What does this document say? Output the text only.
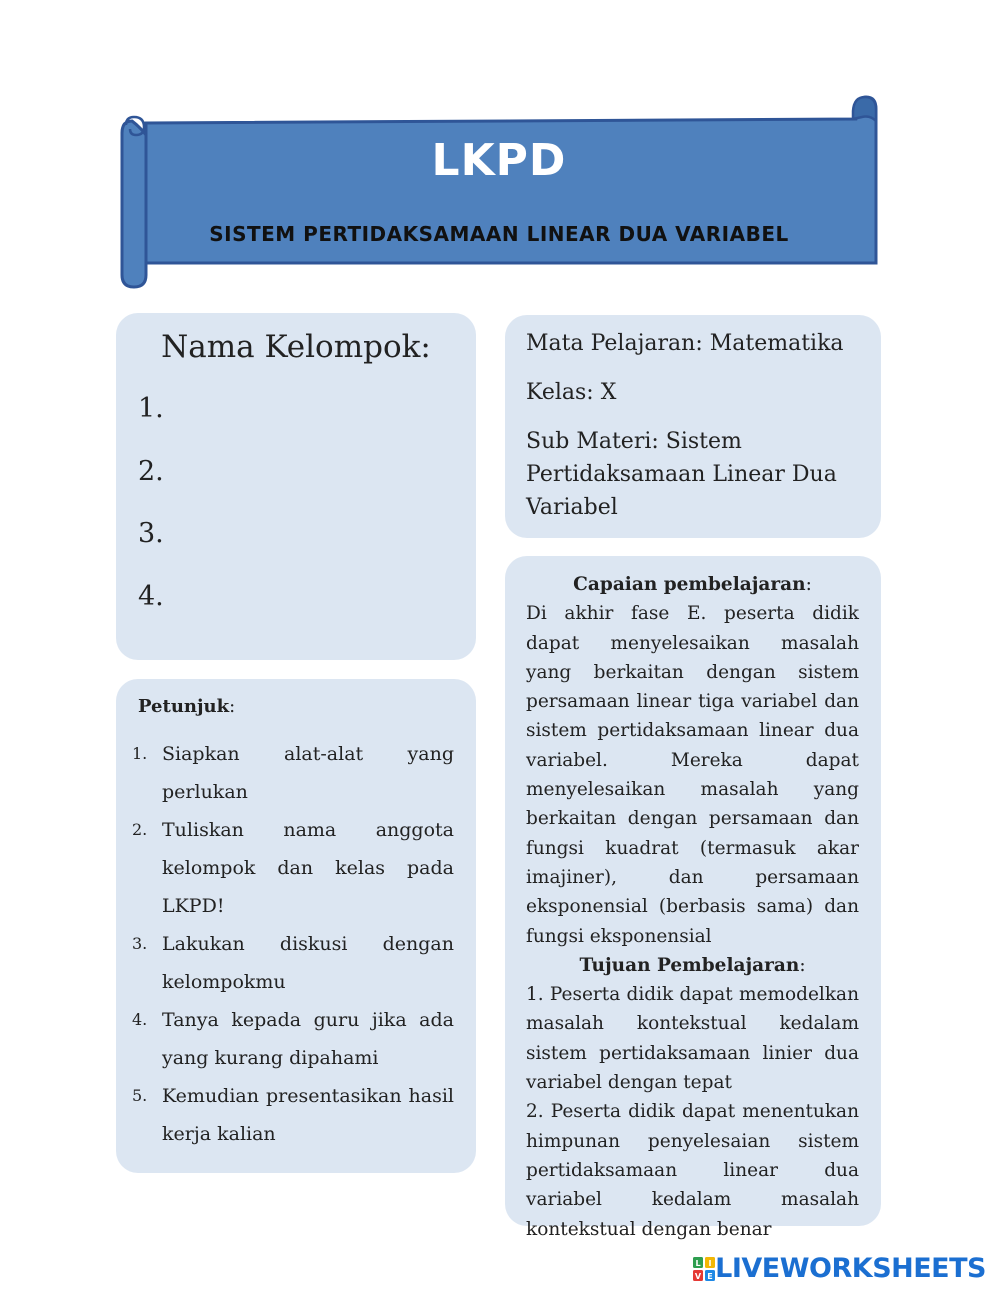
LKPD
SISTEM PERTIDAKSAMAAN LINEAR DUA VARIABEL
Nama Kelompok:
1.
2.
3.
4.

Mata Pelajaran: Matematika

Kelas: X

Sub Materi: Sistem Pertidaksamaan Linear Dua Variabel

Petunjuk:
1. Siapkan alat-alat yang perlukan
2. Tuliskan nama anggota kelompok dan kelas pada LKPD!
3. Lakukan diskusi dengan kelompokmu
4. Tanya kepada guru jika ada yang kurang dipahami
5. Kemudian presentasikan hasil kerja kalian
Capaian pembelajaran:
Di akhir fase E. peserta didik dapat menyelesaikan masalah yang berkaitan dengan sistem persamaan linear tiga variabel dan sistem pertidaksamaan linear dua variabel. Mereka dapat menyelesaikan masalah yang berkaitan dengan persamaan dan fungsi kuadrat (termasuk akar imajiner), dan persamaan eksponensial (berbasis sama) dan fungsi eksponensial
Tujuan Pembelajaran:
1. Peserta didik dapat memodelkan masalah kontekstual kedalam sistem pertidaksamaan linier dua variabel dengan tepat
2. Peserta didik dapat menentukan himpunan penyelesaian sistem pertidaksamaan linear dua variabel kedalam masalah kontekstual dengan benar
L I
V E LIVEWORKSHEETS
